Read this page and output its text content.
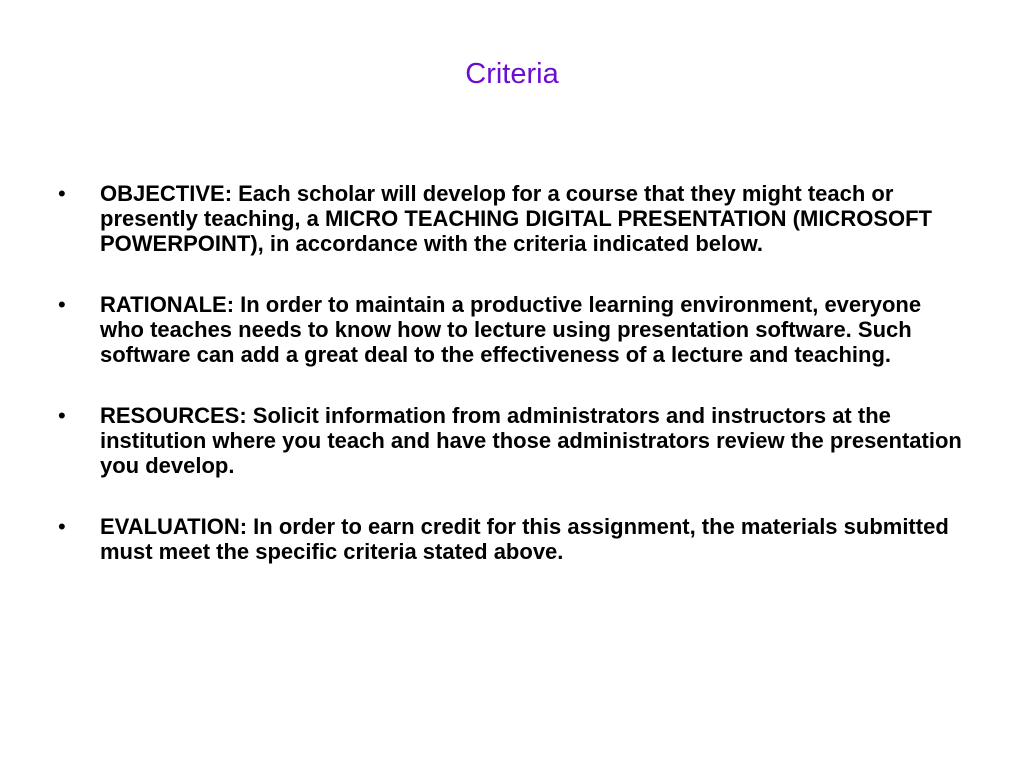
Criteria
•	OBJECTIVE: Each scholar will develop for a course that they might teach or presently teaching, a MICRO TEACHING DIGITAL PRESENTATION (MICROSOFT POWERPOINT), in accordance with the criteria indicated below.
•	RATIONALE: In order to maintain a productive learning environment, everyone who teaches needs to know how to lecture using presentation software. Such software can add a great deal to the effectiveness of a lecture and teaching.
•	RESOURCES: Solicit information from administrators and instructors at the institution where you teach and have those administrators review the presentation you develop.
•	EVALUATION: In order to earn credit for this assignment, the materials submitted must meet the specific criteria stated above.
